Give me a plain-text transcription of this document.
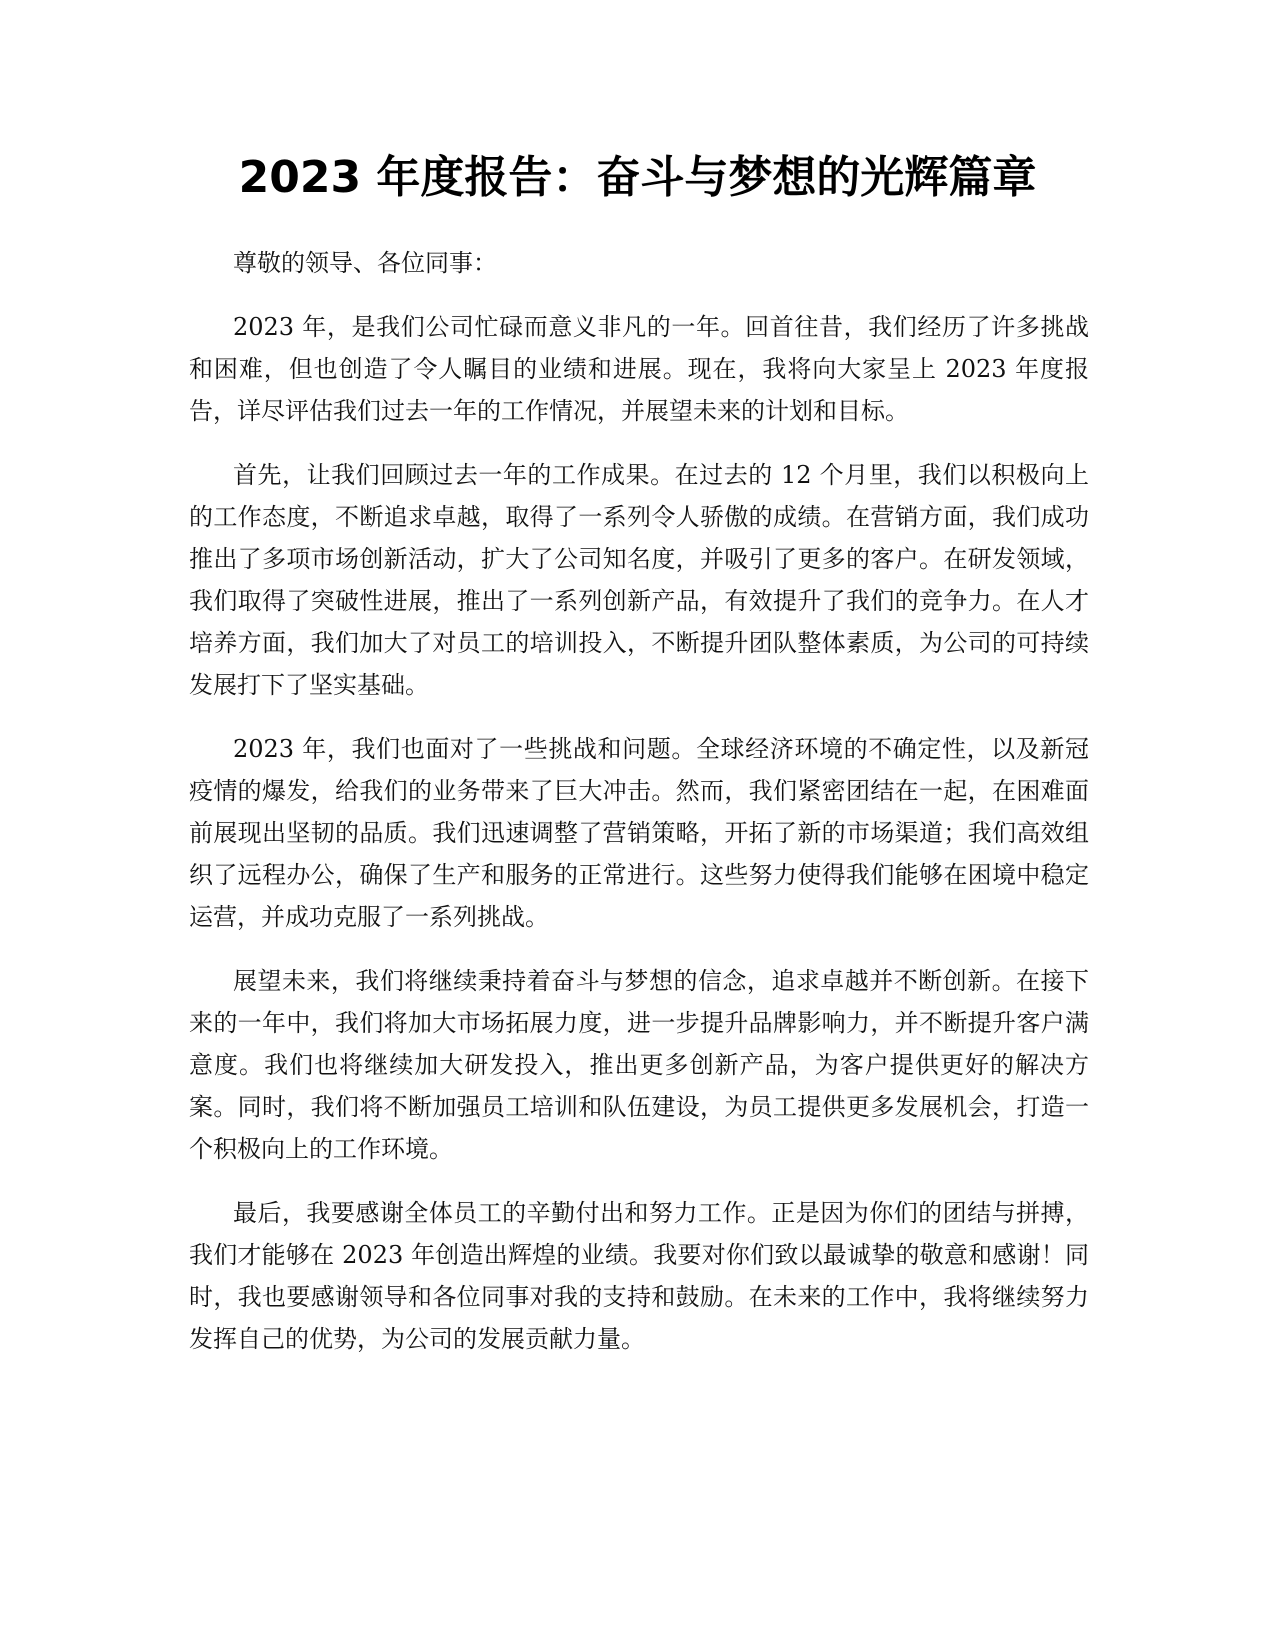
2023 年度报告：奋斗与梦想的光辉篇章

尊敬的领导、各位同事：

2023 年，是我们公司忙碌而意义非凡的一年。回首往昔，我们经历了许多挑战和困难，但也创造了令人瞩目的业绩和进展。现在，我将向大家呈上 2023 年度报告，详尽评估我们过去一年的工作情况，并展望未来的计划和目标。

首先，让我们回顾过去一年的工作成果。在过去的 12 个月里，我们以积极向上的工作态度，不断追求卓越，取得了一系列令人骄傲的成绩。在营销方面，我们成功推出了多项市场创新活动，扩大了公司知名度，并吸引了更多的客户。在研发领域，我们取得了突破性进展，推出了一系列创新产品，有效提升了我们的竞争力。在人才培养方面，我们加大了对员工的培训投入，不断提升团队整体素质，为公司的可持续发展打下了坚实基础。

2023 年，我们也面对了一些挑战和问题。全球经济环境的不确定性，以及新冠疫情的爆发，给我们的业务带来了巨大冲击。然而，我们紧密团结在一起，在困难面前展现出坚韧的品质。我们迅速调整了营销策略，开拓了新的市场渠道；我们高效组织了远程办公，确保了生产和服务的正常进行。这些努力使得我们能够在困境中稳定运营，并成功克服了一系列挑战。

展望未来，我们将继续秉持着奋斗与梦想的信念，追求卓越并不断创新。在接下来的一年中，我们将加大市场拓展力度，进一步提升品牌影响力，并不断提升客户满意度。我们也将继续加大研发投入，推出更多创新产品，为客户提供更好的解决方案。同时，我们将不断加强员工培训和队伍建设，为员工提供更多发展机会，打造一个积极向上的工作环境。

最后，我要感谢全体员工的辛勤付出和努力工作。正是因为你们的团结与拼搏，我们才能够在 2023 年创造出辉煌的业绩。我要对你们致以最诚挚的敬意和感谢！同时，我也要感谢领导和各位同事对我的支持和鼓励。在未来的工作中，我将继续努力发挥自己的优势，为公司的发展贡献力量。
